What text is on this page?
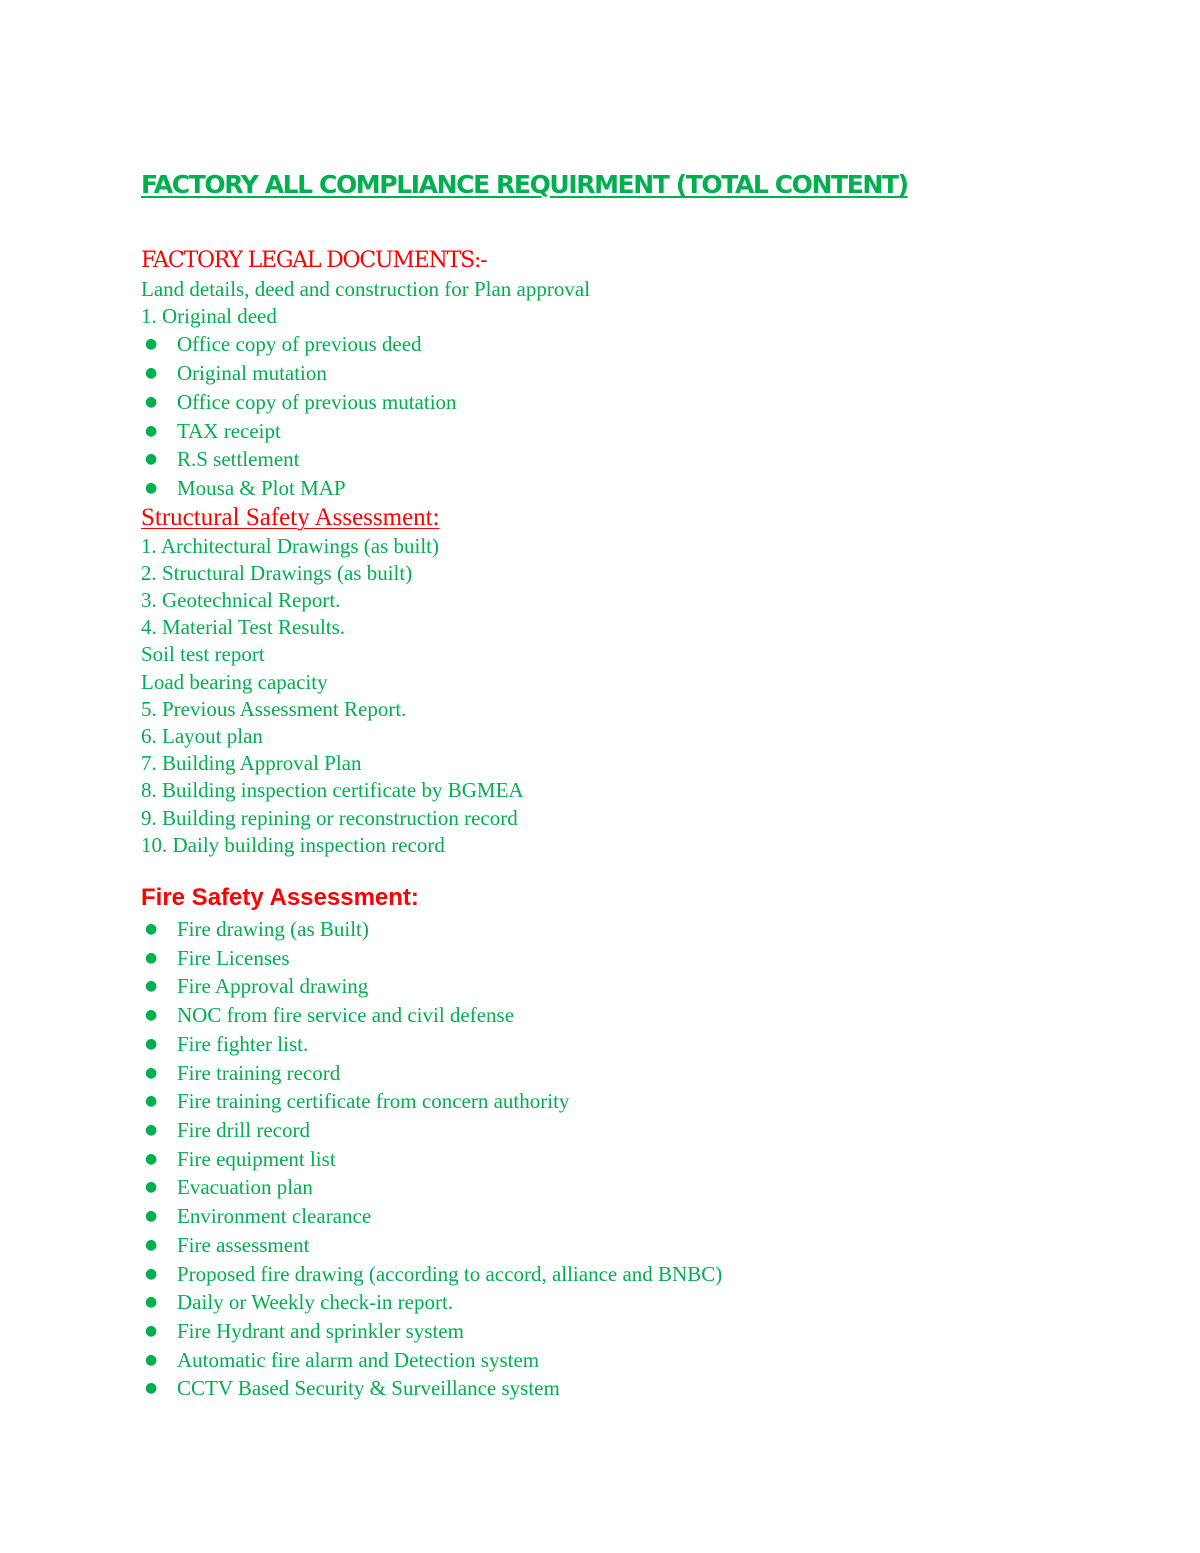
FACTORY ALL COMPLIANCE REQUIRMENT (TOTAL CONTENT)
FACTORY LEGAL DOCUMENTS:-
Land details, deed and construction for Plan approval
1. Original deed
● Office copy of previous deed
● Original mutation
● Office copy of previous mutation
● TAX receipt
● R.S settlement
● Mousa & Plot MAP
Structural Safety Assessment:
1. Architectural Drawings (as built)
2. Structural Drawings (as built)
3. Geotechnical Report.
4. Material Test Results.
Soil test report
Load bearing capacity
5. Previous Assessment Report.
6. Layout plan
7. Building Approval Plan
8. Building inspection certificate by BGMEA
9. Building repining or reconstruction record
10. Daily building inspection record
Fire Safety Assessment:
● Fire drawing (as Built)
● Fire Licenses
● Fire Approval drawing
● NOC from fire service and civil defense
● Fire fighter list.
● Fire training record
● Fire training certificate from concern authority
● Fire drill record
● Fire equipment list
● Evacuation plan
● Environment clearance
● Fire assessment
● Proposed fire drawing (according to accord, alliance and BNBC)
● Daily or Weekly check-in report.
● Fire Hydrant and sprinkler system
● Automatic fire alarm and Detection system
● CCTV Based Security & Surveillance system
